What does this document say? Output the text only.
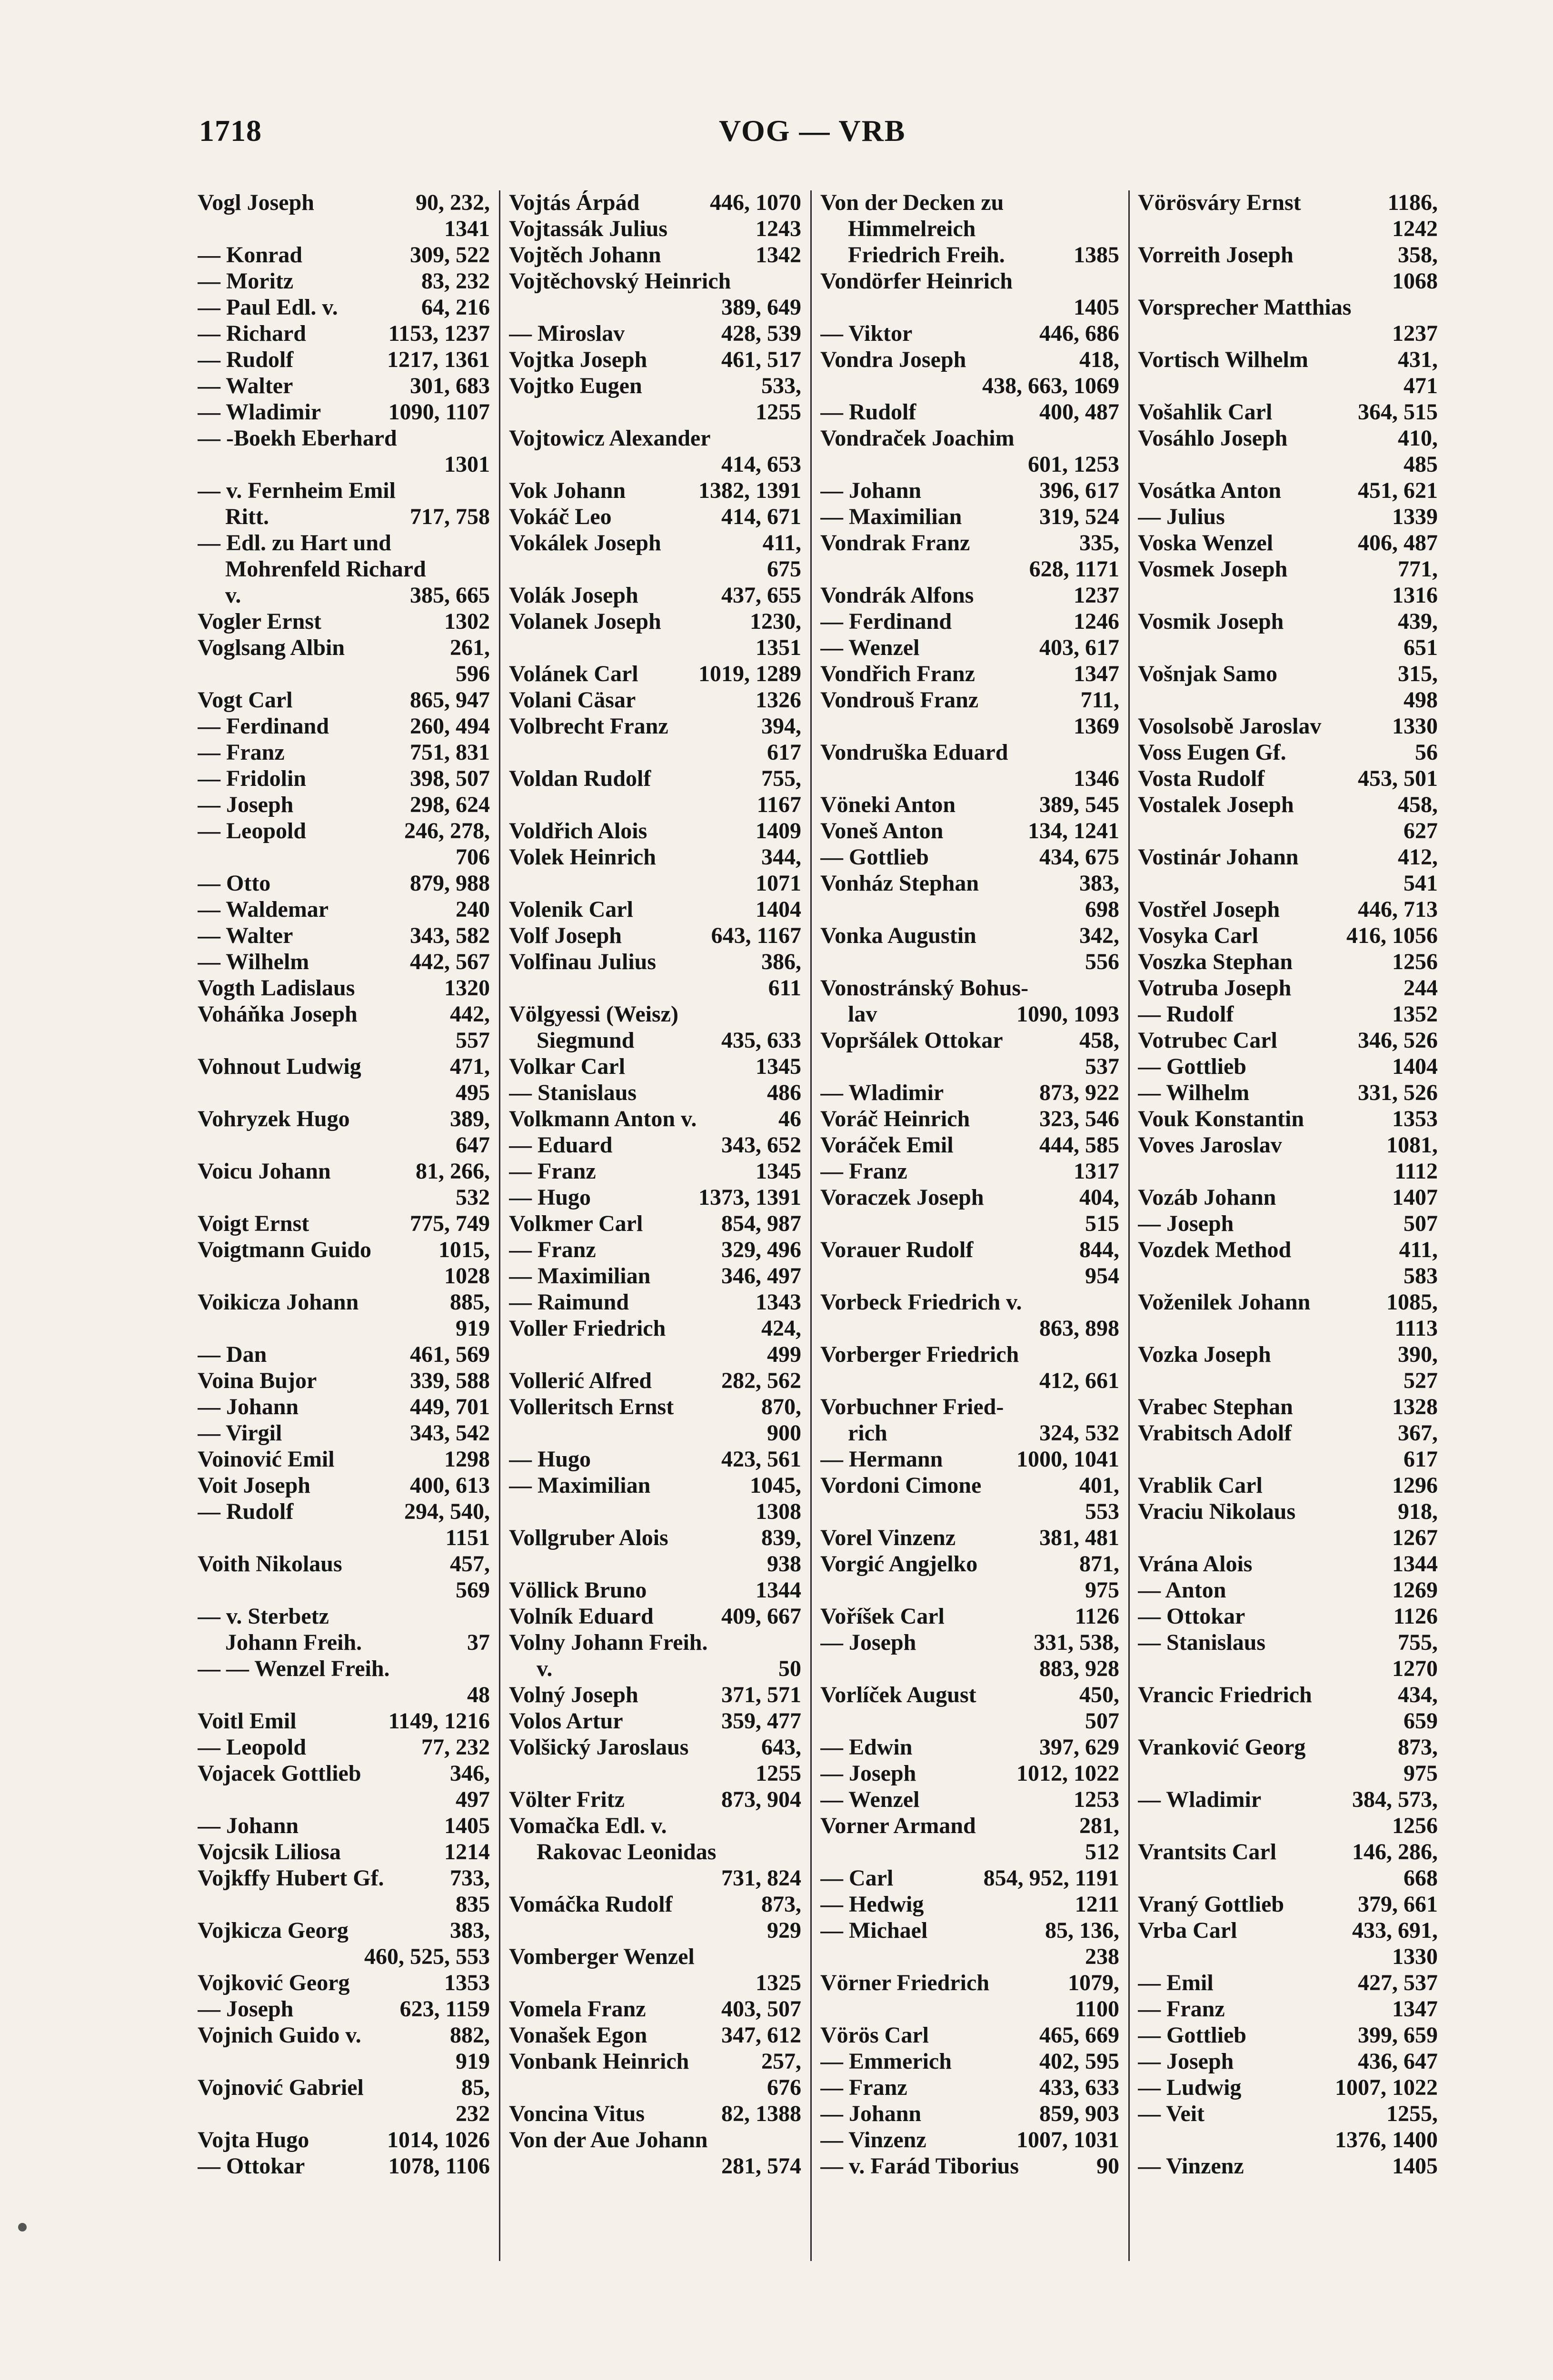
1718	VOG — VRB
Vogl Joseph	90, 232,
1341

— Konrad	309, 522
— Moritz	83, 232
— Paul Edl. v.	64, 216
— Richard	1153, 1237
— Rudolf	1217, 1361
— Walter	301, 683
— Wladimir	1090, 1107
— -Boekh Eberhard
1301

— v. Fernheim Emil
Ritt.	717, 758
— Edl. zu Hart und
Mohrenfeld Richard
v.	385, 665
Vogler Ernst	1302
Voglsang Albin	261,
596

Vogt Carl	865, 947
— Ferdinand	260, 494
— Franz	751, 831
— Fridolin	398, 507
— Joseph	298, 624
— Leopold	246, 278,
706

— Otto	879, 988
— Waldemar	240
— Walter	343, 582
— Wilhelm	442, 567
Vogth Ladislaus	1320
Voháňka Joseph	442,
557

Vohnout Ludwig	471,
495

Vohryzek Hugo	389,
647

Voicu Johann	81, 266,
532

Voigt Ernst	775, 749
Voigtmann Guido	1015,
1028

Voikicza Johann	885,
919

— Dan	461, 569
Voina Bujor	339, 588
— Johann	449, 701
— Virgil	343, 542
Voinović Emil	1298
Voit Joseph	400, 613
— Rudolf	294, 540,
1151

Voith Nikolaus	457,
569

— v. Sterbetz
Johann Freih.	37
— — Wenzel Freih.
48

Voitl Emil	1149, 1216
— Leopold	77, 232
Vojacek Gottlieb	346,
497

— Johann	1405
Vojcsik Liliosa	1214
Vojkffy Hubert Gf.	733,
835

Vojkicza Georg	383,
460, 525, 553

Vojković Georg	1353
— Joseph	623, 1159
Vojnich Guido v.	882,
919

Vojnović Gabriel	85,
232

Vojta Hugo	1014, 1026
— Ottokar	1078, 1106
Vojtás Árpád	446, 1070
Vojtassák Julius	1243
Vojtěch Johann	1342
Vojtěchovský Heinrich
389, 649

— Miroslav	428, 539
Vojtka Joseph	461, 517
Vojtko Eugen	533,
1255

Vojtowicz Alexander
414, 653

Vok Johann	1382, 1391
Vokáč Leo	414, 671
Vokálek Joseph	411,
675

Volák Joseph	437, 655
Volanek Joseph	1230,
1351

Volánek Carl	1019, 1289
Volani Cäsar	1326
Volbrecht Franz	394,
617

Voldan Rudolf	755,
1167

Voldřich Alois	1409
Volek Heinrich	344,
1071

Volenik Carl	1404
Volf Joseph	643, 1167
Volfinau Julius	386,
611

Völgyessi (Weisz)
Siegmund	435, 633
Volkar Carl	1345
— Stanislaus	486
Volkmann Anton v.	46
— Eduard	343, 652
— Franz	1345
— Hugo	1373, 1391
Volkmer Carl	854, 987
— Franz	329, 496
— Maximilian	346, 497
— Raimund	1343
Voller Friedrich	424,
499

Vollerić Alfred	282, 562
Volleritsch Ernst	870,
900

— Hugo	423, 561
— Maximilian	1045,
1308

Vollgruber Alois	839,
938

Völlick Bruno	1344
Volník Eduard	409, 667
Volny Johann Freih.
v.	50
Volný Joseph	371, 571
Volos Artur	359, 477
Volšický Jaroslaus	643,
1255

Völter Fritz	873, 904
Vomačka Edl. v.
Rakovac Leonidas
731, 824

Vomáčka Rudolf	873,
929

Vomberger Wenzel
1325

Vomela Franz	403, 507
Vonašek Egon	347, 612
Vonbank Heinrich	257,
676

Voncina Vitus	82, 1388
Von der Aue Johann
281, 574

Von der Decken zu
Himmelreich
Friedrich Freih.	1385
Vondörfer Heinrich
1405

— Viktor	446, 686
Vondra Joseph	418,
438, 663, 1069

— Rudolf	400, 487
Vondraček Joachim
601, 1253

— Johann	396, 617
— Maximilian	319, 524
Vondrak Franz	335,
628, 1171

Vondrák Alfons	1237
— Ferdinand	1246
— Wenzel	403, 617
Vondřich Franz	1347
Vondrouš Franz	711,
1369

Vondruška Eduard
1346

Vöneki Anton	389, 545
Voneš Anton	134, 1241
— Gottlieb	434, 675
Vonház Stephan	383,
698

Vonka Augustin	342,
556

Vonostránský Bohus-
lav	1090, 1093
Vopršálek Ottokar	458,
537

— Wladimir	873, 922
Voráč Heinrich	323, 546
Voráček Emil	444, 585
— Franz	1317
Voraczek Joseph	404,
515

Vorauer Rudolf	844,
954

Vorbeck Friedrich v.
863, 898

Vorberger Friedrich
412, 661

Vorbuchner Fried-
rich	324, 532
— Hermann	1000, 1041
Vordoni Cimone	401,
553

Vorel Vinzenz	381, 481
Vorgić Angjelko	871,
975

Voříšek Carl	1126
— Joseph	331, 538,
883, 928

Vorlíček August	450,
507

— Edwin	397, 629
— Joseph	1012, 1022
— Wenzel	1253
Vorner Armand	281,
512

— Carl	854, 952, 1191
— Hedwig	1211
— Michael	85, 136,
238

Vörner Friedrich	1079,
1100

Vörös Carl	465, 669
— Emmerich	402, 595
— Franz	433, 633
— Johann	859, 903
— Vinzenz	1007, 1031
— v. Farád Tiborius	90
Vörösváry Ernst	1186,
1242

Vorreith Joseph	358,
1068

Vorsprecher Matthias
1237

Vortisch Wilhelm	431,
471

Vošahlik Carl	364, 515
Vosáhlo Joseph	410,
485

Vosátka Anton	451, 621
— Julius	1339
Voska Wenzel	406, 487
Vosmek Joseph	771,
1316

Vosmik Joseph	439,
651

Vošnjak Samo	315,
498

Vosolsobě Jaroslav	1330
Voss Eugen Gf.	56
Vosta Rudolf	453, 501
Vostalek Joseph	458,
627

Vostinár Johann	412,
541

Vostřel Joseph	446, 713
Vosyka Carl	416, 1056
Voszka Stephan	1256
Votruba Joseph	244
— Rudolf	1352
Votrubec Carl	346, 526
— Gottlieb	1404
— Wilhelm	331, 526
Vouk Konstantin	1353
Voves Jaroslav	1081,
1112

Vozáb Johann	1407
— Joseph	507
Vozdek Method	411,
583

Voženilek Johann	1085,
1113

Vozka Joseph	390,
527

Vrabec Stephan	1328
Vrabitsch Adolf	367,
617

Vrablik Carl	1296
Vraciu Nikolaus	918,
1267

Vrána Alois	1344
— Anton	1269
— Ottokar	1126
— Stanislaus	755,
1270

Vrancic Friedrich	434,
659

Vranković Georg	873,
975

— Wladimir	384, 573,
1256

Vrantsits Carl	146, 286,
668

Vraný Gottlieb	379, 661
Vrba Carl	433, 691,
1330

— Emil	427, 537
— Franz	1347
— Gottlieb	399, 659
— Joseph	436, 647
— Ludwig	1007, 1022
— Veit	1255,
1376, 1400

— Vinzenz	1405
